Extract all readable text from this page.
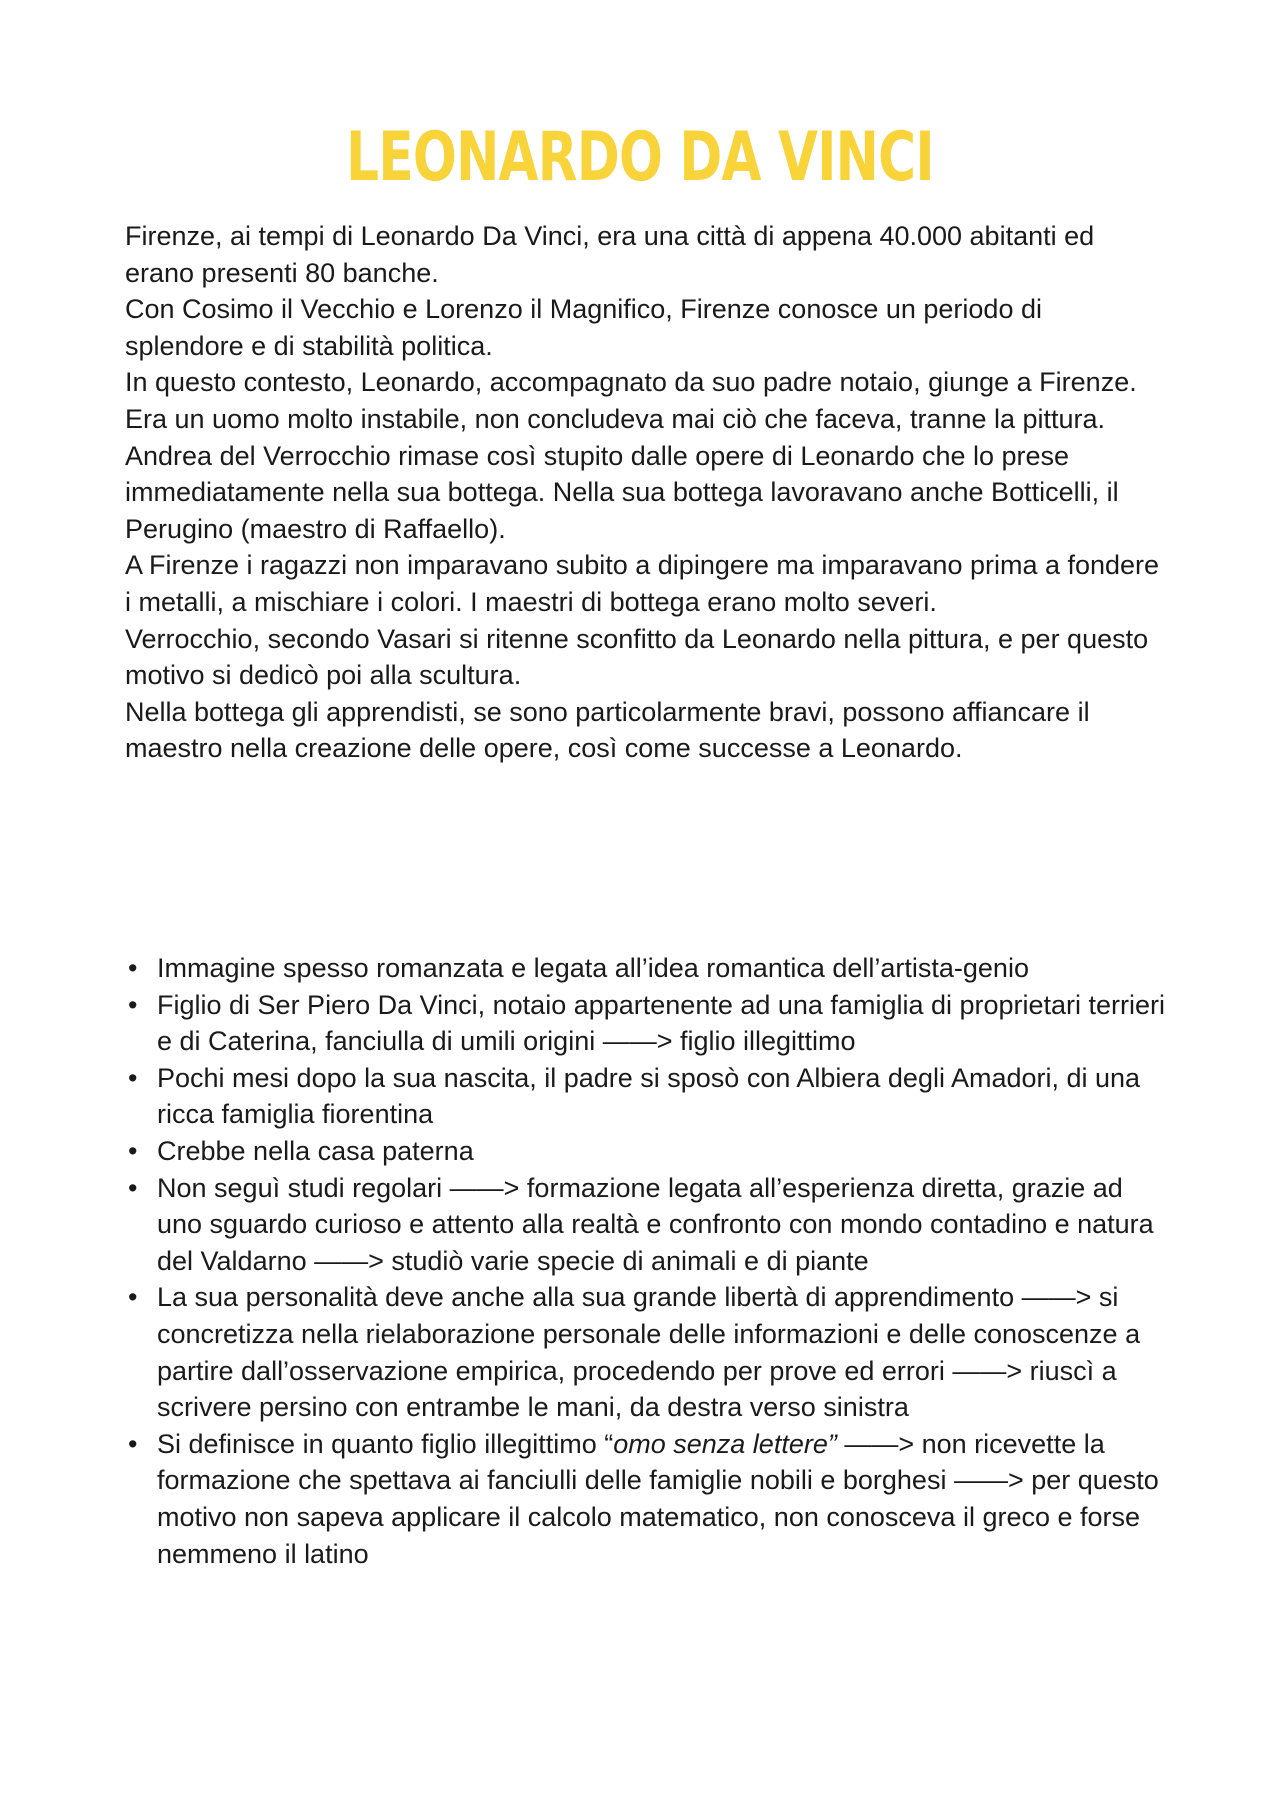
LEONARDO DA VINCI

Firenze, ai tempi di Leonardo Da Vinci, era una città di appena 40.000 abitanti ed erano presenti 80 banche.

Con Cosimo il Vecchio e Lorenzo il Magnifico, Firenze conosce un periodo di splendore e di stabilità politica.

In questo contesto, Leonardo, accompagnato da suo padre notaio, giunge a Firenze.

Era un uomo molto instabile, non concludeva mai ciò che faceva, tranne la pittura.

Andrea del Verrocchio rimase così stupito dalle opere di Leonardo che lo prese immediatamente nella sua bottega. Nella sua bottega lavoravano anche Botticelli, il Perugino (maestro di Raffaello).

A Firenze i ragazzi non imparavano subito a dipingere ma imparavano prima a fondere i metalli, a mischiare i colori. I maestri di bottega erano molto severi.

Verrocchio, secondo Vasari si ritenne sconfitto da Leonardo nella pittura, e per questo motivo si dedicò poi alla scultura.

Nella bottega gli apprendisti, se sono particolarmente bravi, possono affiancare il maestro nella creazione delle opere, così come successe a Leonardo.

• Immagine spesso romanzata e legata all’idea romantica dell’artista-genio
• Figlio di Ser Piero Da Vinci, notaio appartenente ad una famiglia di proprietari terrieri e di Caterina, fanciulla di umili origini ——> figlio illegittimo
• Pochi mesi dopo la sua nascita, il padre si sposò con Albiera degli Amadori, di una ricca famiglia fiorentina
• Crebbe nella casa paterna
• Non seguì studi regolari ——> formazione legata all’esperienza diretta, grazie ad uno sguardo curioso e attento alla realtà e confronto con mondo contadino e natura del Valdarno ——> studiò varie specie di animali e di piante
• La sua personalità deve anche alla sua grande libertà di apprendimento ——> si concretizza nella rielaborazione personale delle informazioni e delle conoscenze a partire dall’osservazione empirica, procedendo per prove ed errori ——> riuscì a scrivere persino con entrambe le mani, da destra verso sinistra
• Si definisce in quanto figlio illegittimo “omo senza lettere” ——> non ricevette la formazione che spettava ai fanciulli delle famiglie nobili e borghesi ——> per questo motivo non sapeva applicare il calcolo matematico, non conosceva il greco e forse nemmeno il latino
